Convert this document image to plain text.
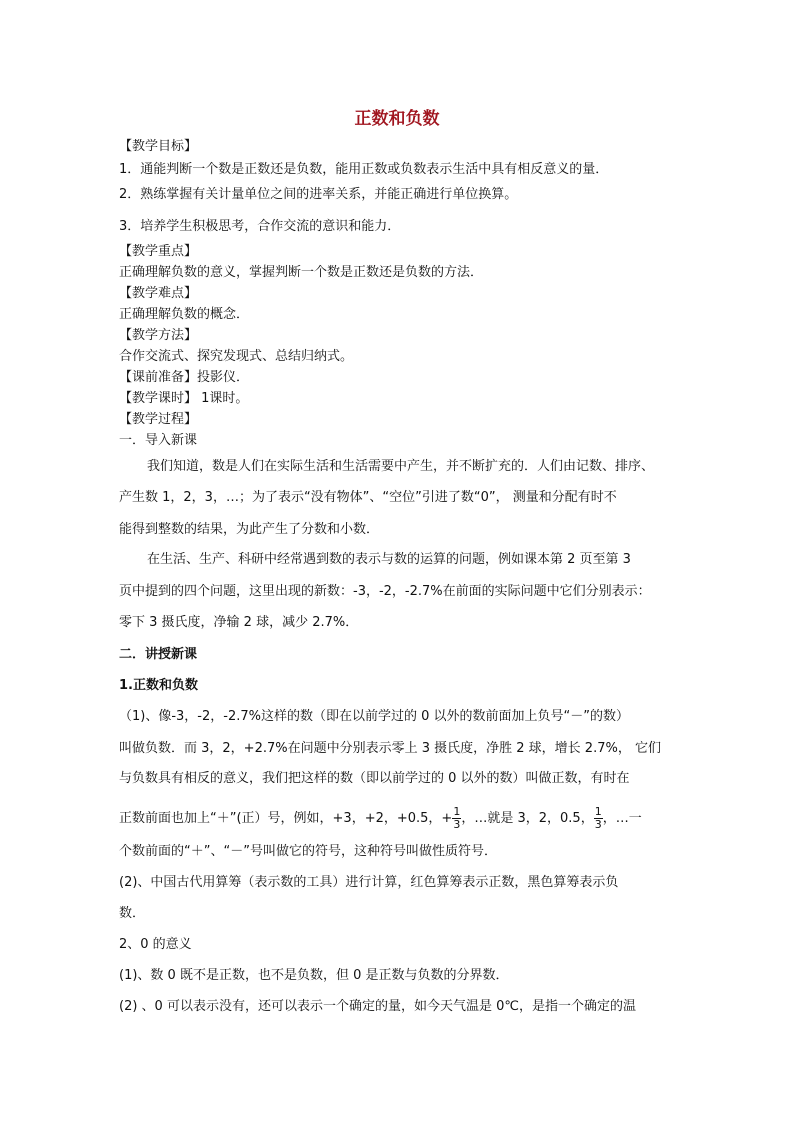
正数和负数
【教学目标】
1．通能判断一个数是正数还是负数，能用正数或负数表示生活中具有相反意义的量．
2．熟练掌握有关计量单位之间的进率关系，并能正确进行单位换算。
3．培养学生积极思考，合作交流的意识和能力．
【教学重点】
正确理解负数的意义，掌握判断一个数是正数还是负数的方法．
【教学难点】
正确理解负数的概念．
【教学方法】
合作交流式、探究发现式、总结归纳式。
【课前准备】投影仪．
【教学课时】 1课时。
【教学过程】
一．导入新课
我们知道，数是人们在实际生活和生活需要中产生，并不断扩充的．人们由记数、排序、
产生数 1，2，3，…；为了表示“没有物体”、“空位”引进了数“0”， 测量和分配有时不
能得到整数的结果，为此产生了分数和小数．
在生活、生产、科研中经常遇到数的表示与数的运算的问题，例如课本第 2 页至第 3
页中提到的四个问题，这里出现的新数：-3，-2，-2.7%在前面的实际问题中它们分别表示：
零下 3 摄氏度，净输 2 球，减少 2.7%．
二．讲授新课
1.正数和负数
（1)、像-3，-2，-2.7%这样的数（即在以前学过的 0 以外的数前面加上负号“－”的数）
叫做负数．而 3，2，+2.7%在问题中分别表示零上 3 摄氏度，净胜 2 球，增长 2.7%， 它们
与负数具有相反的意义，我们把这样的数（即以前学过的 0 以外的数）叫做正数，有时在
正数前面也加上“＋”(正）号，例如，+3，+2，+0.5，+ $\frac{1}{3}$ ，…就是 3，2，0.5， $\frac{1}{3}$ ，…一
个数前面的“＋”、“－”号叫做它的符号，这种符号叫做性质符号．
(2)、中国古代用算筹（表示数的工具）进行计算，红色算筹表示正数，黑色算筹表示负
数．
2、0 的意义
(1)、数 0 既不是正数，也不是负数，但 0 是正数与负数的分界数．
(2) 、0 可以表示没有，还可以表示一个确定的量，如今天气温是 0℃，是指一个确定的温
